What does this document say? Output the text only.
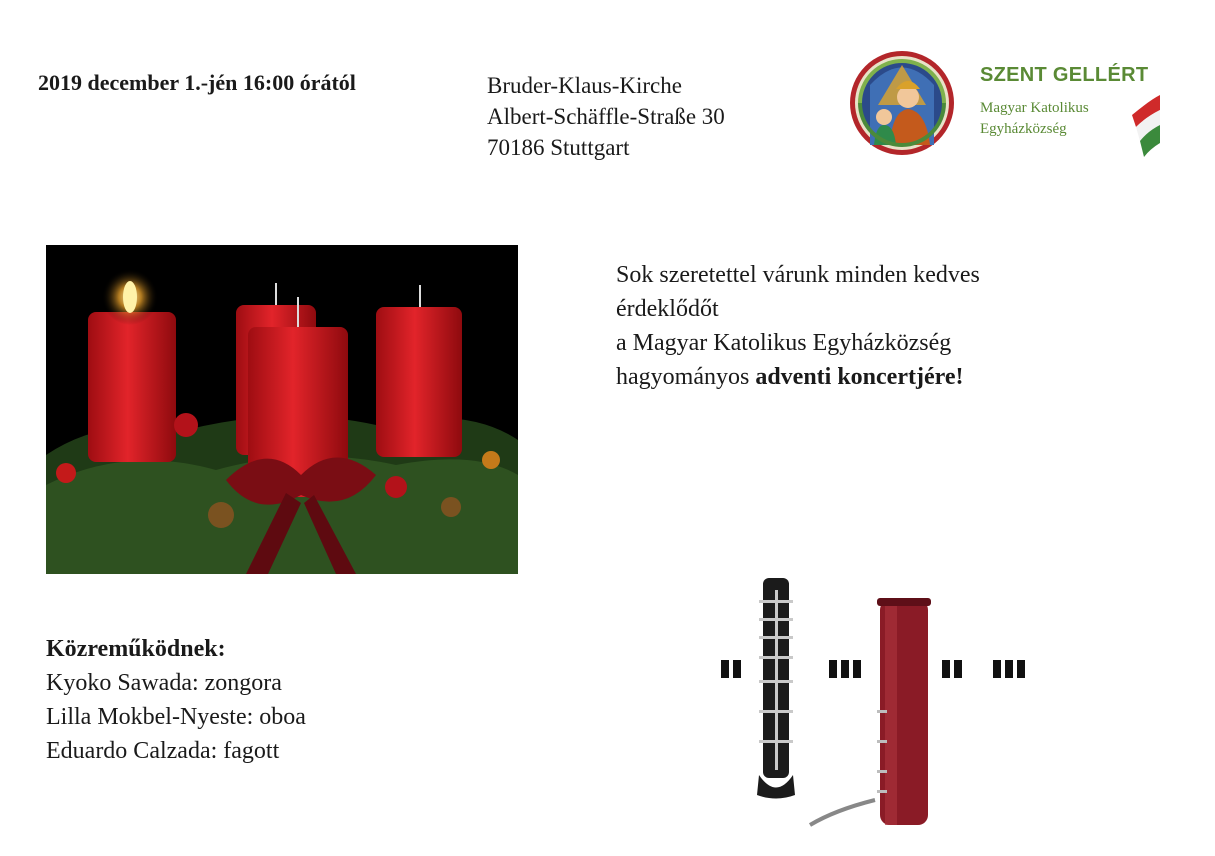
2019 december 1.-jén 16:00 órától	Bruder-Klaus-Kirche
Albert-Schäffle-Straße 30
70186 Stuttgart
SZENT GELLÉRT
Magyar Katolikus
Egyházközség
Sok szeretettel várunk minden kedves
érdeklődőt
a Magyar Katolikus Egyházközség
hagyományos adventi koncertjére!
Közreműködnek:
Kyoko Sawada: zongora
Lilla Mokbel-Nyeste: oboa
Eduardo Calzada: fagott
